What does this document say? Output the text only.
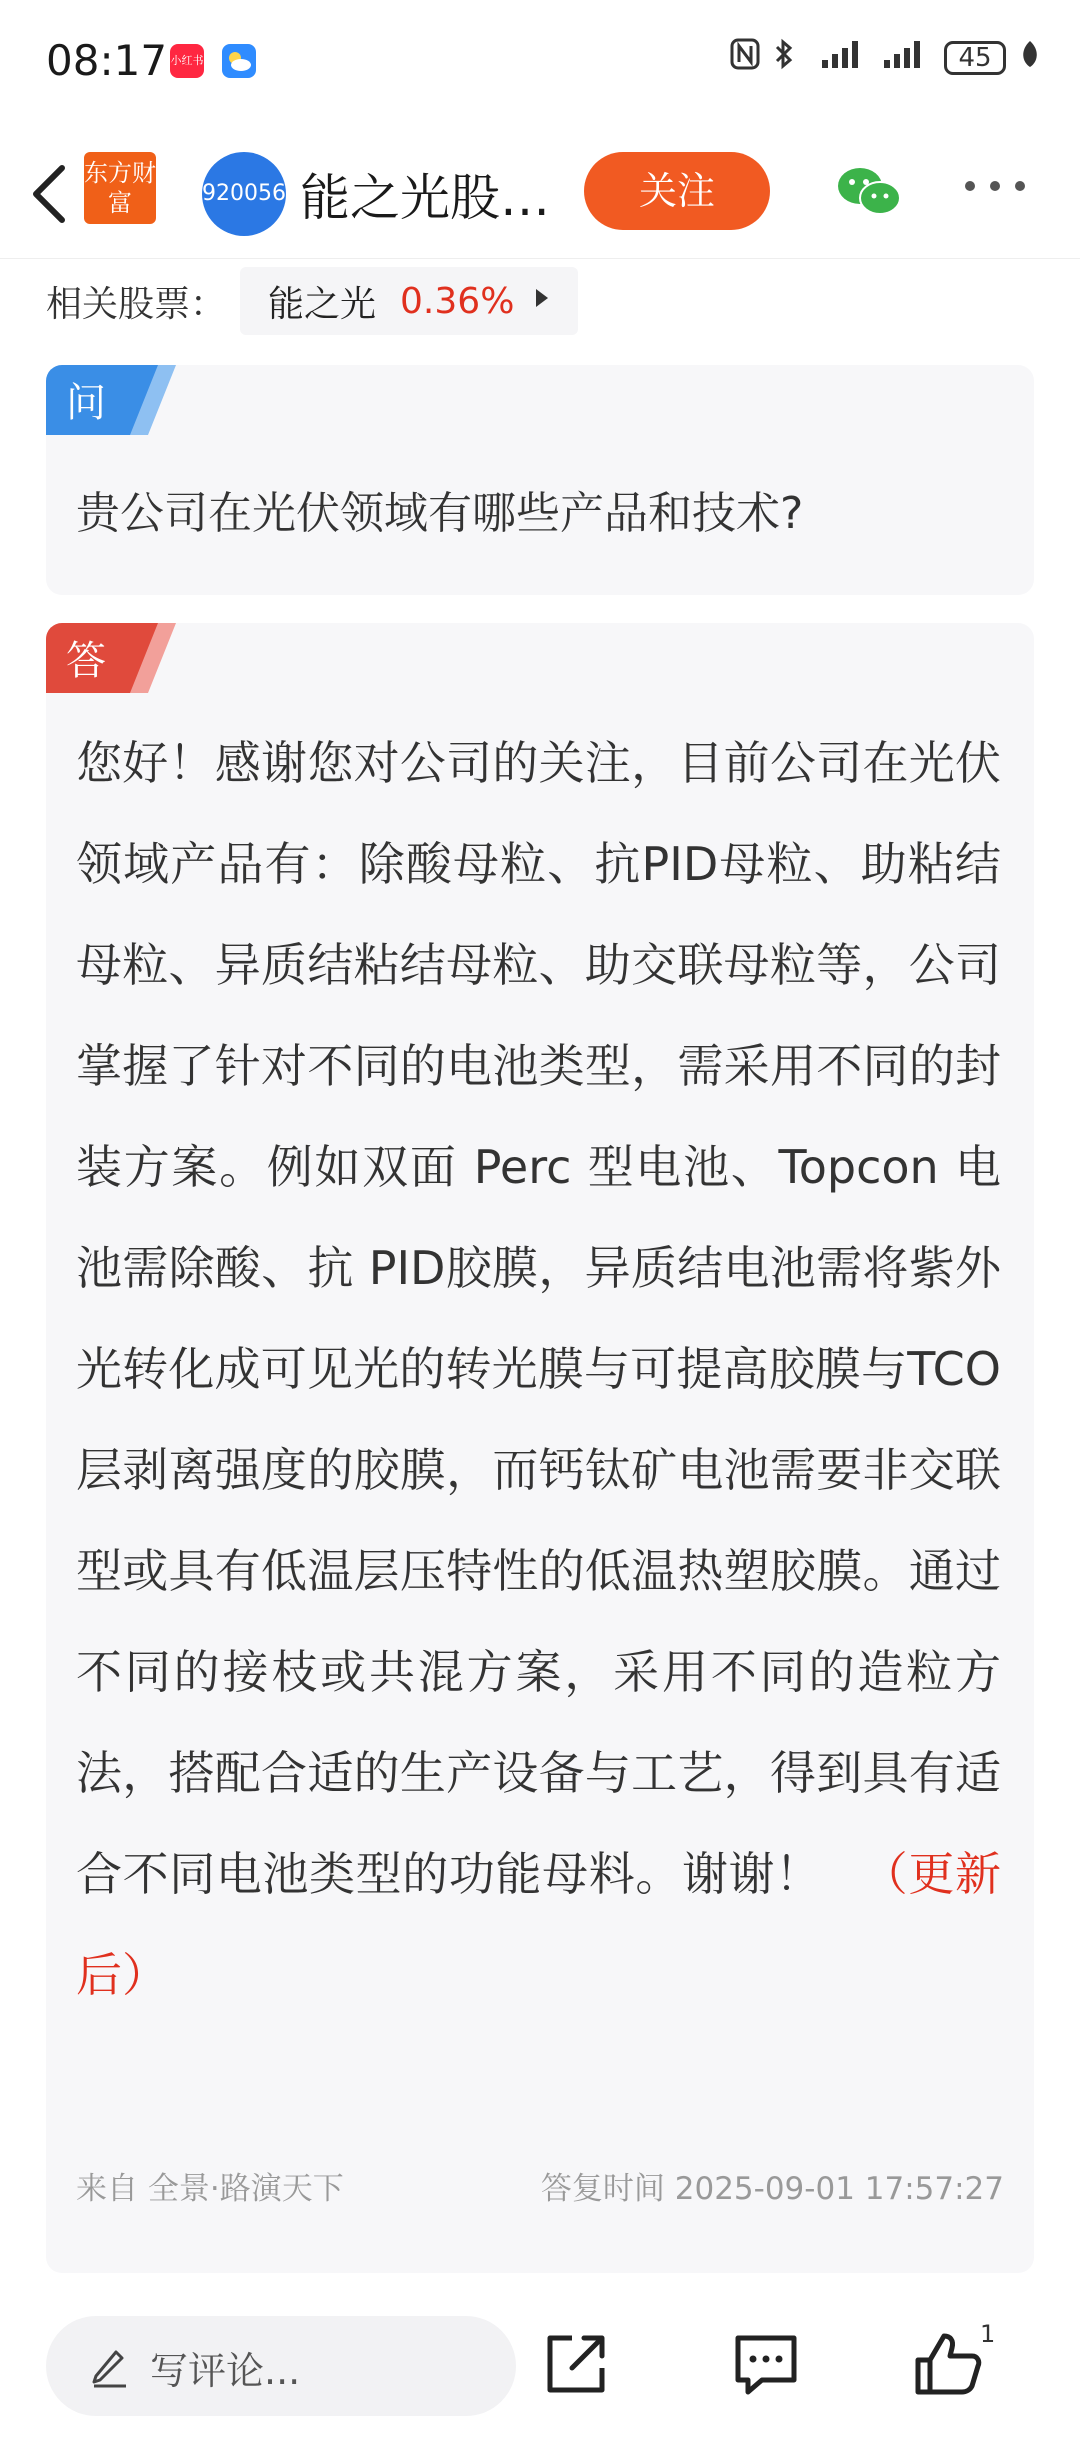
08:17 小红书	45
东方财富	920056 能之光股…	关注
相关股票： 能之光 0.36%
问
贵公司在光伏领域有哪些产品和技术?
答
您好！感谢您对公司的关注，目前公司在光伏领域产品有：除酸母粒、抗PID母粒、助粘结母粒、异质结粘结母粒、助交联母粒等，公司掌握了针对不同的电池类型，需采用不同的封装方案。例如双面 Perc 型电池、Topcon 电池需除酸、抗 PID胶膜，异质结电池需将紫外光转化成可见光的转光膜与可提高胶膜与TCO 层剥离强度的胶膜，而钙钛矿电池需要非交联型或具有低温层压特性的低温热塑胶膜。通过不同的接枝或共混方案，采用不同的造粒方法，搭配合适的生产设备与工艺，得到具有适合不同电池类型的功能母料。谢谢！ （更新后）
来自 全景·路演天下	答复时间 2025-09-01 17:57:27
写评论...
1
